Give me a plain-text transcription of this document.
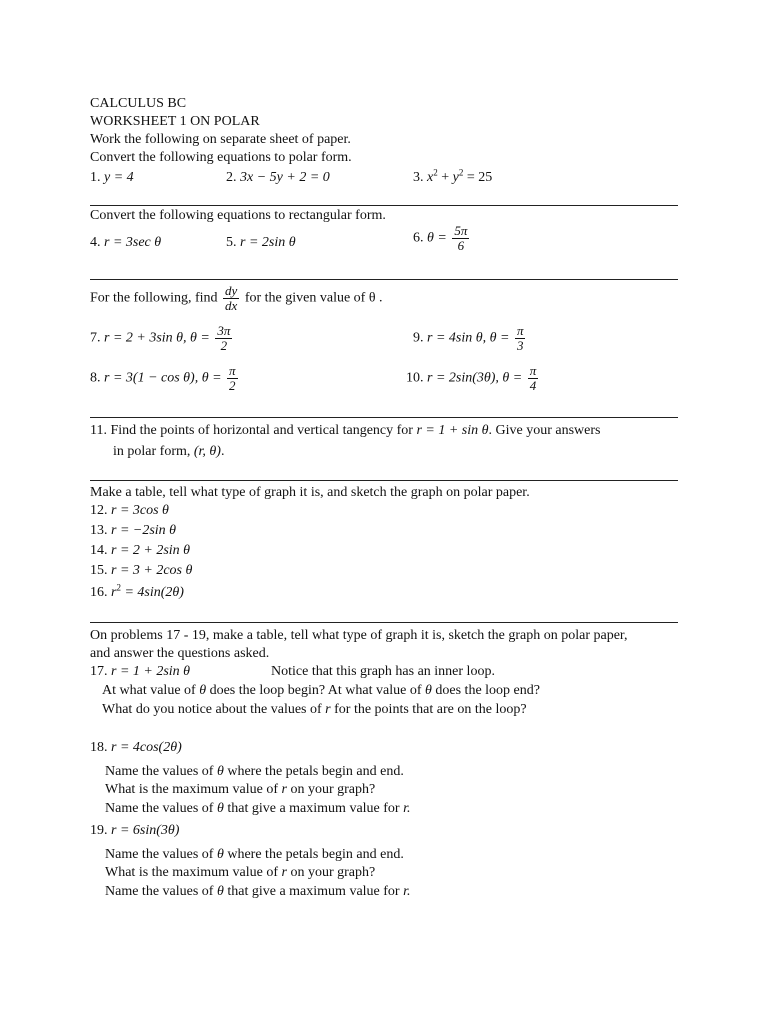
CALCULUS BC
WORKSHEET 1 ON POLAR
Work the following on separate sheet of paper.
Convert the following equations to polar form.
1. y = 4	2. 3x − 5y + 2 = 0	3. $x^2 + y^2 = 25$
Convert the following equations to rectangular form.
4. r = 3sec θ	5. r = 2sin θ	6. $\theta = \frac{5\pi}{6}$
For the following, find $\frac{dy}{dx}$ for the given value of θ .
7. r = 2 + 3sin θ, $\theta = \frac{3\pi}{2}$	9. r = 4sin θ, $\theta = \frac{\pi}{3}$
8. r = 3(1 − cos θ), $\theta = \frac{\pi}{2}$	10. r = 2sin(3θ), $\theta = \frac{\pi}{4}$
11. Find the points of horizontal and vertical tangency for r = 1 + sin θ. Give your answers
in polar form, (r, θ).
Make a table, tell what type of graph it is, and sketch the graph on polar paper.
12. r = 3cos θ
13. r = −2sin θ
14. r = 2 + 2sin θ
15. r = 3 + 2cos θ
16. $r^2 = 4\sin(2\theta)$
On problems 17 - 19, make a table, tell what type of graph it is, sketch the graph on polar paper,
and answer the questions asked.
17. r = 1 + 2sin θ	Notice that this graph has an inner loop.
At what value of θ does the loop begin? At what value of θ does the loop end?
What do you notice about the values of r for the points that are on the loop?
18. r = 4cos(2θ)
Name the values of θ where the petals begin and end.
What is the maximum value of r on your graph?
Name the values of θ that give a maximum value for r.
19. r = 6sin(3θ)
Name the values of θ where the petals begin and end.
What is the maximum value of r on your graph?
Name the values of θ that give a maximum value for r.
